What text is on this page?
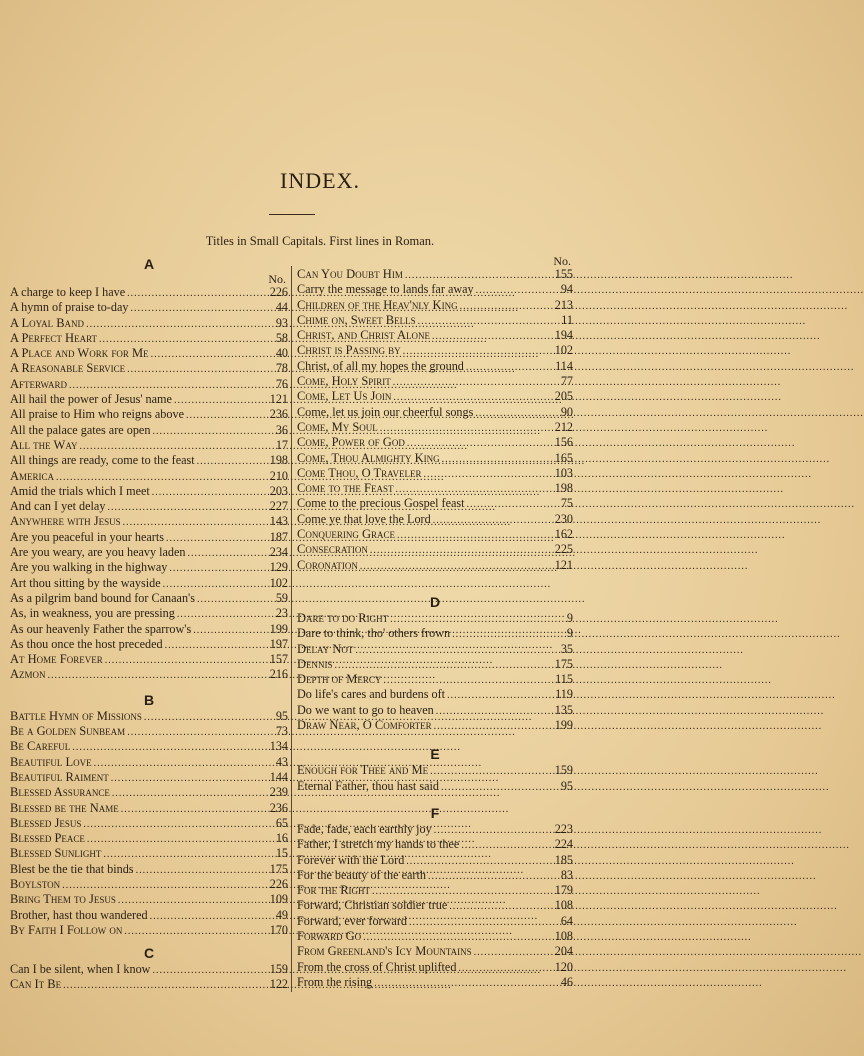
INDEX.
Titles in Small Capitals. First lines in Roman.
A
No.
A charge to keep I have .....	226
A hymn of praise to-day .....	44
A Loyal Band .....	93
A Perfect Heart .....	58
A Place and Work for Me .....	40
A Reasonable Service .....	78
Afterward .....	76
All hail the power of Jesus' name .....	121
All praise to Him who reigns above .....	236
All the palace gates are open .....	36
All the Way .....	17
All things are ready, come to the feast .....	198
America .....	210
Amid the trials which I meet .....	203
And can I yet delay .....	227
Anywhere with Jesus .....	143
Are you peaceful in your hearts .....	187
Are you weary, are you heavy laden .....	234
Are you walking in the highway .....	129
Art thou sitting by the wayside .....	102
As a pilgrim band bound for Canaan's .....	59
As, in weakness, you are pressing .....	23
As our heavenly Father the sparrow's .....	199
As thou once the host preceded .....	197
At Home Forever .....	157
Azmon .....	216
B
Battle Hymn of Missions .....	95
Be a Golden Sunbeam .....	73
Be Careful .....	134
Beautiful Love .....	43
Beautiful Raiment .....	144
Blessed Assurance .....	239
Blessed be the Name .....	236
Blessed Jesus .....	65
Blessed Peace .....	16
Blessed Sunlight .....	15
Blest be the tie that binds .....	175
Boylston .....	226
Bring Them to Jesus .....	109
Brother, hast thou wandered .....	49
By Faith I Follow on .....	170
C
Can I be silent, when I know .....	159
Can It Be .....	122
No.
Can You Doubt Him .....	155
Carry the message to lands far away .....	94
Children of the Heav'nly King .....	213
Chime on, Sweet Bells .....	11
Christ, and Christ Alone .....	194
Christ is Passing by .....	102
Christ, of all my hopes the ground .....	114
Come, Holy Spirit .....	77
Come, Let Us Join .....	205
Come, let us join our cheerful songs .....	90
Come, My Soul .....	212
Come, Power of God .....	156
Come, Thou Almighty King .....	165
Come Thou, O Traveler .....	103
Come to the Feast .....	198
Come to the precious Gospel feast .....	75
Come ye that love the Lord .....	230
Conquering Grace .....	162
Consecration .....	225
Coronation .....	121
D
Dare to do Right .....	9
Dare to think, tho' others frown .....	9
Delay Not .....	35
Dennis .....	175
Depth of Mercy .....	115
Do life's cares and burdens oft .....	119
Do we want to go to heaven .....	135
Draw Near, O Comforter .....	199
E
Enough for Thee and Me .....	159
Eternal Father, thou hast said .....	95
F
Fade, fade, each earthly joy .....	223
Father, I stretch my hands to thee .....	224
Forever with the Lord .....	185
For the beauty of the earth .....	83
For the Right .....	179
Forward, Christian soldier true .....	108
Forward, ever forward .....	64
Forward Go .....	108
From Greenland's Icy Mountains .....	204
From the cross of Christ uplifted .....	120
From the rising .....	46
